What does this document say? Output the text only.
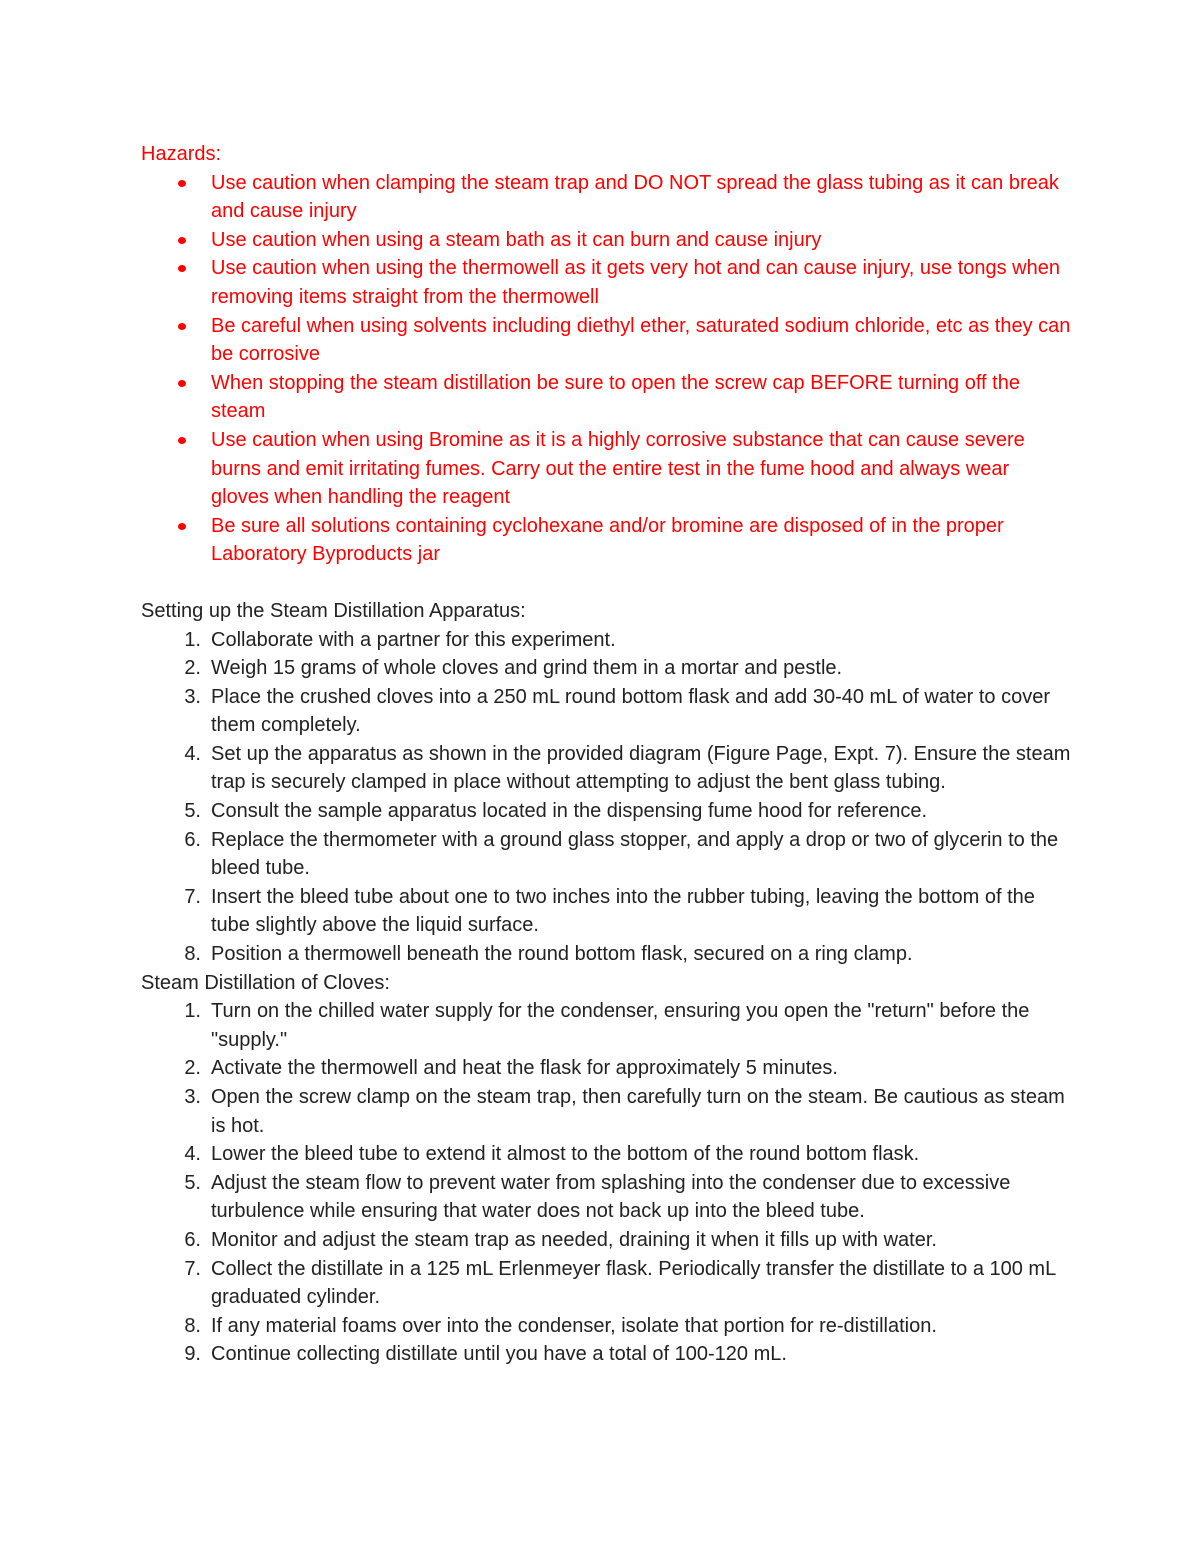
Hazards:
Use caution when clamping the steam trap and DO NOT spread the glass tubing as it can break and cause injury
Use caution when using a steam bath as it can burn and cause injury
Use caution when using the thermowell as it gets very hot and can cause injury, use tongs when removing items straight from the thermowell
Be careful when using solvents including diethyl ether, saturated sodium chloride, etc as they can be corrosive
When stopping the steam distillation be sure to open the screw cap BEFORE turning off the steam
Use caution when using Bromine as it is a highly corrosive substance that can cause severe burns and emit irritating fumes. Carry out the entire test in the fume hood and always wear gloves when handling the reagent
Be sure all solutions containing cyclohexane and/or bromine are disposed of in the proper Laboratory Byproducts jar
Setting up the Steam Distillation Apparatus:
1. Collaborate with a partner for this experiment.
2. Weigh 15 grams of whole cloves and grind them in a mortar and pestle.
3. Place the crushed cloves into a 250 mL round bottom flask and add 30-40 mL of water to cover them completely.
4. Set up the apparatus as shown in the provided diagram (Figure Page, Expt. 7). Ensure the steam trap is securely clamped in place without attempting to adjust the bent glass tubing.
5. Consult the sample apparatus located in the dispensing fume hood for reference.
6. Replace the thermometer with a ground glass stopper, and apply a drop or two of glycerin to the bleed tube.
7. Insert the bleed tube about one to two inches into the rubber tubing, leaving the bottom of the tube slightly above the liquid surface.
8. Position a thermowell beneath the round bottom flask, secured on a ring clamp.
Steam Distillation of Cloves:
1. Turn on the chilled water supply for the condenser, ensuring you open the "return" before the "supply."
2. Activate the thermowell and heat the flask for approximately 5 minutes.
3. Open the screw clamp on the steam trap, then carefully turn on the steam. Be cautious as steam is hot.
4. Lower the bleed tube to extend it almost to the bottom of the round bottom flask.
5. Adjust the steam flow to prevent water from splashing into the condenser due to excessive turbulence while ensuring that water does not back up into the bleed tube.
6. Monitor and adjust the steam trap as needed, draining it when it fills up with water.
7. Collect the distillate in a 125 mL Erlenmeyer flask. Periodically transfer the distillate to a 100 mL graduated cylinder.
8. If any material foams over into the condenser, isolate that portion for re-distillation.
9. Continue collecting distillate until you have a total of 100-120 mL.
